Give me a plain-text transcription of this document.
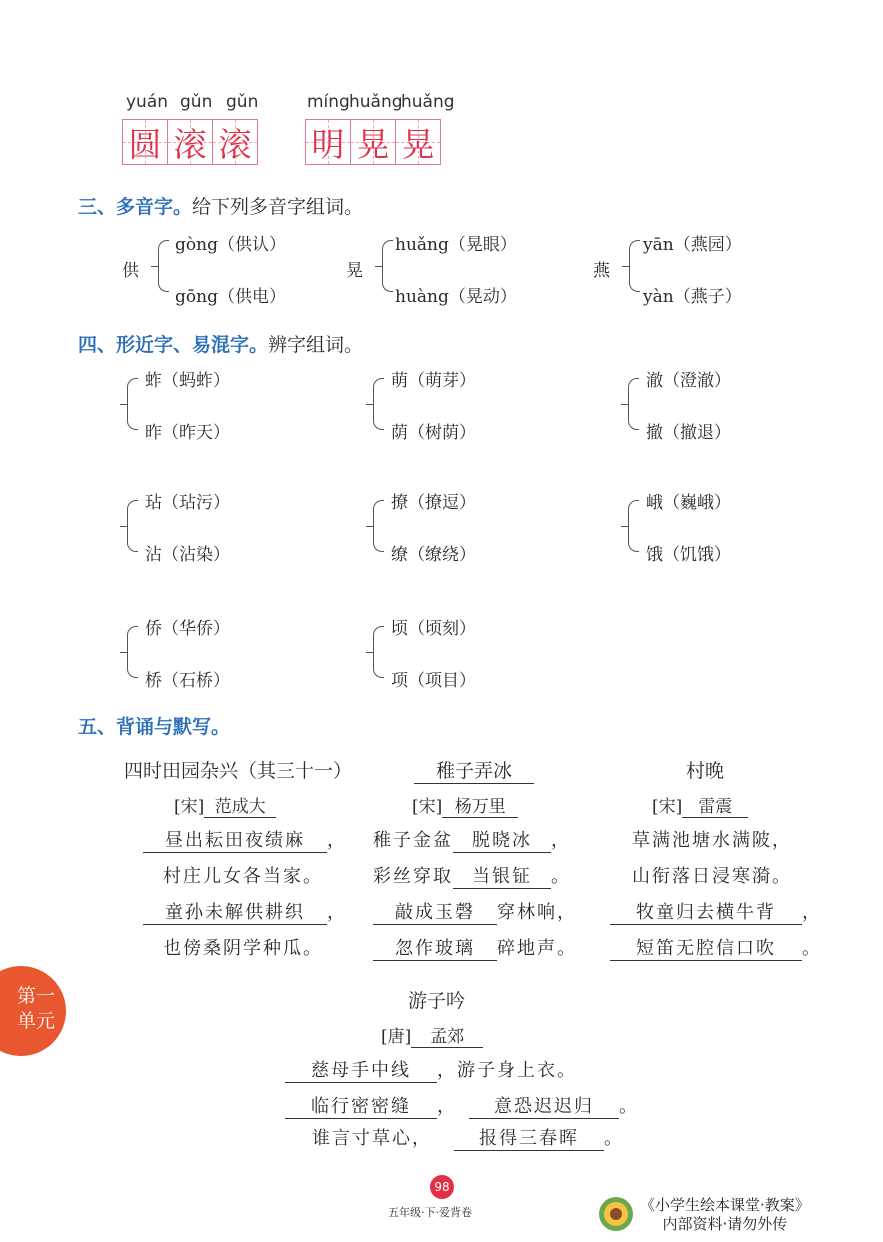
yuán gǔn gǔn
圆 滚 滚
míng huǎng
huǎng
明 晃 晃
三、多音字。给下列多音字组词。
供
gòng（供认）
gōng（供电）
晃
huǎng（晃眼）
huàng（晃动）
燕
yān（燕园）
yàn（燕子）
四、形近字、易混字。辨字组词。
蚱（蚂蚱）
昨（昨天）
萌（萌芽）
荫（树荫）
澈（澄澈）
撤（撤退）
玷（玷污）
沾（沾染）
撩（撩逗）
缭（缭绕）
峨（巍峨）
饿（饥饿）
侨（华侨）
桥（石桥）
顷（顷刻）
项（项目）
五、背诵与默写。
四时田园杂兴（其三十一）
[宋] 范成大
昼出耘田夜绩麻 ，
村庄儿女各当家。
童孙未解供耕织 ，
也傍桑阴学种瓜。
稚子弄冰
[宋] 杨万里
稚子金盆 脱晓冰 ，
彩丝穿取 当银钲 。
敲成玉磬 穿林响，
忽作玻璃 碎地声。
村晚
[宋] 雷震
草满池塘水满陂，
山衔落日浸寒漪。
牧童归去横牛背 ，
短笛无腔信口吹 。
游子吟
[唐] 孟郊
慈母手中线 ，游子身上衣。
临行密密缝 ， 意恐迟迟归 。
谁言寸草心，	报得三春晖 。
第一
单元
98
五年级·下·爱背卷	《小学生绘本课堂·教案》
内部资料·请勿外传
